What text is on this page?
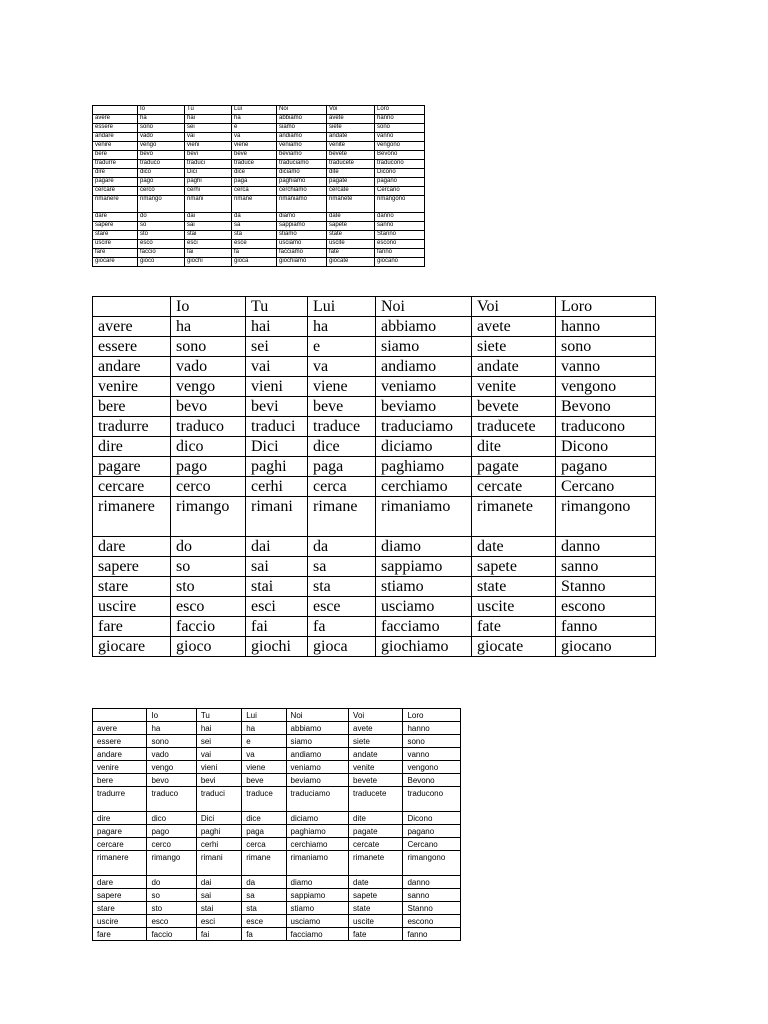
	Io	Tu	Lui	Noi	Voi	Loro
avere	ha	hai	ha	abbiamo	avete	hanno
essere	sono	sei	e	siamo	siete	sono
andare	vado	vai	va	andiamo	andate	vanno
venire	vengo	vieni	viene	veniamo	venite	vengono
bere	bevo	bevi	beve	beviamo	bevete	Bevono
tradurre	traduco	traduci	traduce	traduciamo	traducete	traducono
dire	dico	Dici	dice	diciamo	dite	Dicono
pagare	pago	paghi	paga	paghiamo	pagate	pagano
cercare	cerco	cerhi	cerca	cerchiamo	cercate	Cercano
rimanere	rimango	rimani	rimane	rimaniamo	rimanete	rimangono
dare	do	dai	da	diamo	date	danno
sapere	so	sai	sa	sappiamo	sapete	sanno
stare	sto	stai	sta	stiamo	state	Stanno
uscire	esco	esci	esce	usciamo	uscite	escono
fare	faccio	fai	fa	facciamo	fate	fanno
giocare	gioco	giochi	gioca	giochiamo	giocate	giocano
	Io	Tu	Lui	Noi	Voi	Loro
avere	ha	hai	ha	abbiamo	avete	hanno
essere	sono	sei	e	siamo	siete	sono
andare	vado	vai	va	andiamo	andate	vanno
venire	vengo	vieni	viene	veniamo	venite	vengono
bere	bevo	bevi	beve	beviamo	bevete	Bevono
tradurre	traduco	traduci	traduce	traduciamo	traducete	traducono
dire	dico	Dici	dice	diciamo	dite	Dicono
pagare	pago	paghi	paga	paghiamo	pagate	pagano
cercare	cerco	cerhi	cerca	cerchiamo	cercate	Cercano
rimanere	rimango	rimani	rimane	rimaniamo	rimanete	rimangono
dare	do	dai	da	diamo	date	danno
sapere	so	sai	sa	sappiamo	sapete	sanno
stare	sto	stai	sta	stiamo	state	Stanno
uscire	esco	esci	esce	usciamo	uscite	escono
fare	faccio	fai	fa	facciamo	fate	fanno
giocare	gioco	giochi	gioca	giochiamo	giocate	giocano
	Io	Tu	Lui	Noi	Voi	Loro
avere	ha	hai	ha	abbiamo	avete	hanno
essere	sono	sei	e	siamo	siete	sono
andare	vado	vai	va	andiamo	andate	vanno
venire	vengo	vieni	viene	veniamo	venite	vengono
bere	bevo	bevi	beve	beviamo	bevete	Bevono
tradurre	traduco	traduci	traduce	traduciamo	traducete	traducono
dire	dico	Dici	dice	diciamo	dite	Dicono
pagare	pago	paghi	paga	paghiamo	pagate	pagano
cercare	cerco	cerhi	cerca	cerchiamo	cercate	Cercano
rimanere	rimango	rimani	rimane	rimaniamo	rimanete	rimangono
dare	do	dai	da	diamo	date	danno
sapere	so	sai	sa	sappiamo	sapete	sanno
stare	sto	stai	sta	stiamo	state	Stanno
uscire	esco	esci	esce	usciamo	uscite	escono
fare	faccio	fai	fa	facciamo	fate	fanno
